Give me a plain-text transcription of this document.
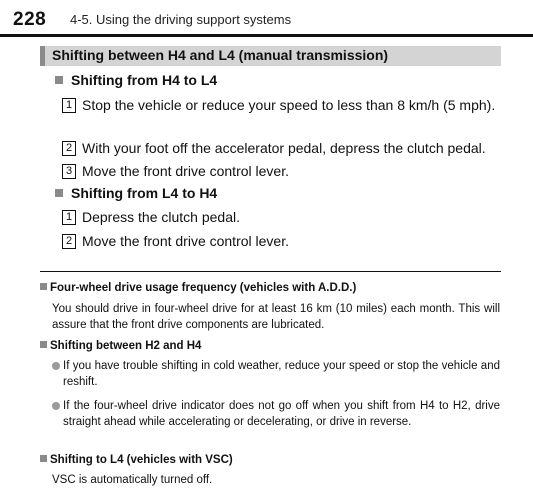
228 4-5. Using the driving support systems
Shifting between H4 and L4 (manual transmission)
Shifting from H4 to L4
1 Stop the vehicle or reduce your speed to less than 8 km/h (5 mph).
2 With your foot off the accelerator pedal, depress the clutch pedal.
3 Move the front drive control lever.
Shifting from L4 to H4
1 Depress the clutch pedal.
2 Move the front drive control lever.
Four-wheel drive usage frequency (vehicles with A.D.D.)
You should drive in four-wheel drive for at least 16 km (10 miles) each month. This will assure that the front drive components are lubricated.
Shifting between H2 and H4
If you have trouble shifting in cold weather, reduce your speed or stop the vehicle and reshift.
If the four-wheel drive indicator does not go off when you shift from H4 to H2, drive straight ahead while accelerating or decelerating, or drive in reverse.
Shifting to L4 (vehicles with VSC)
VSC is automatically turned off.
